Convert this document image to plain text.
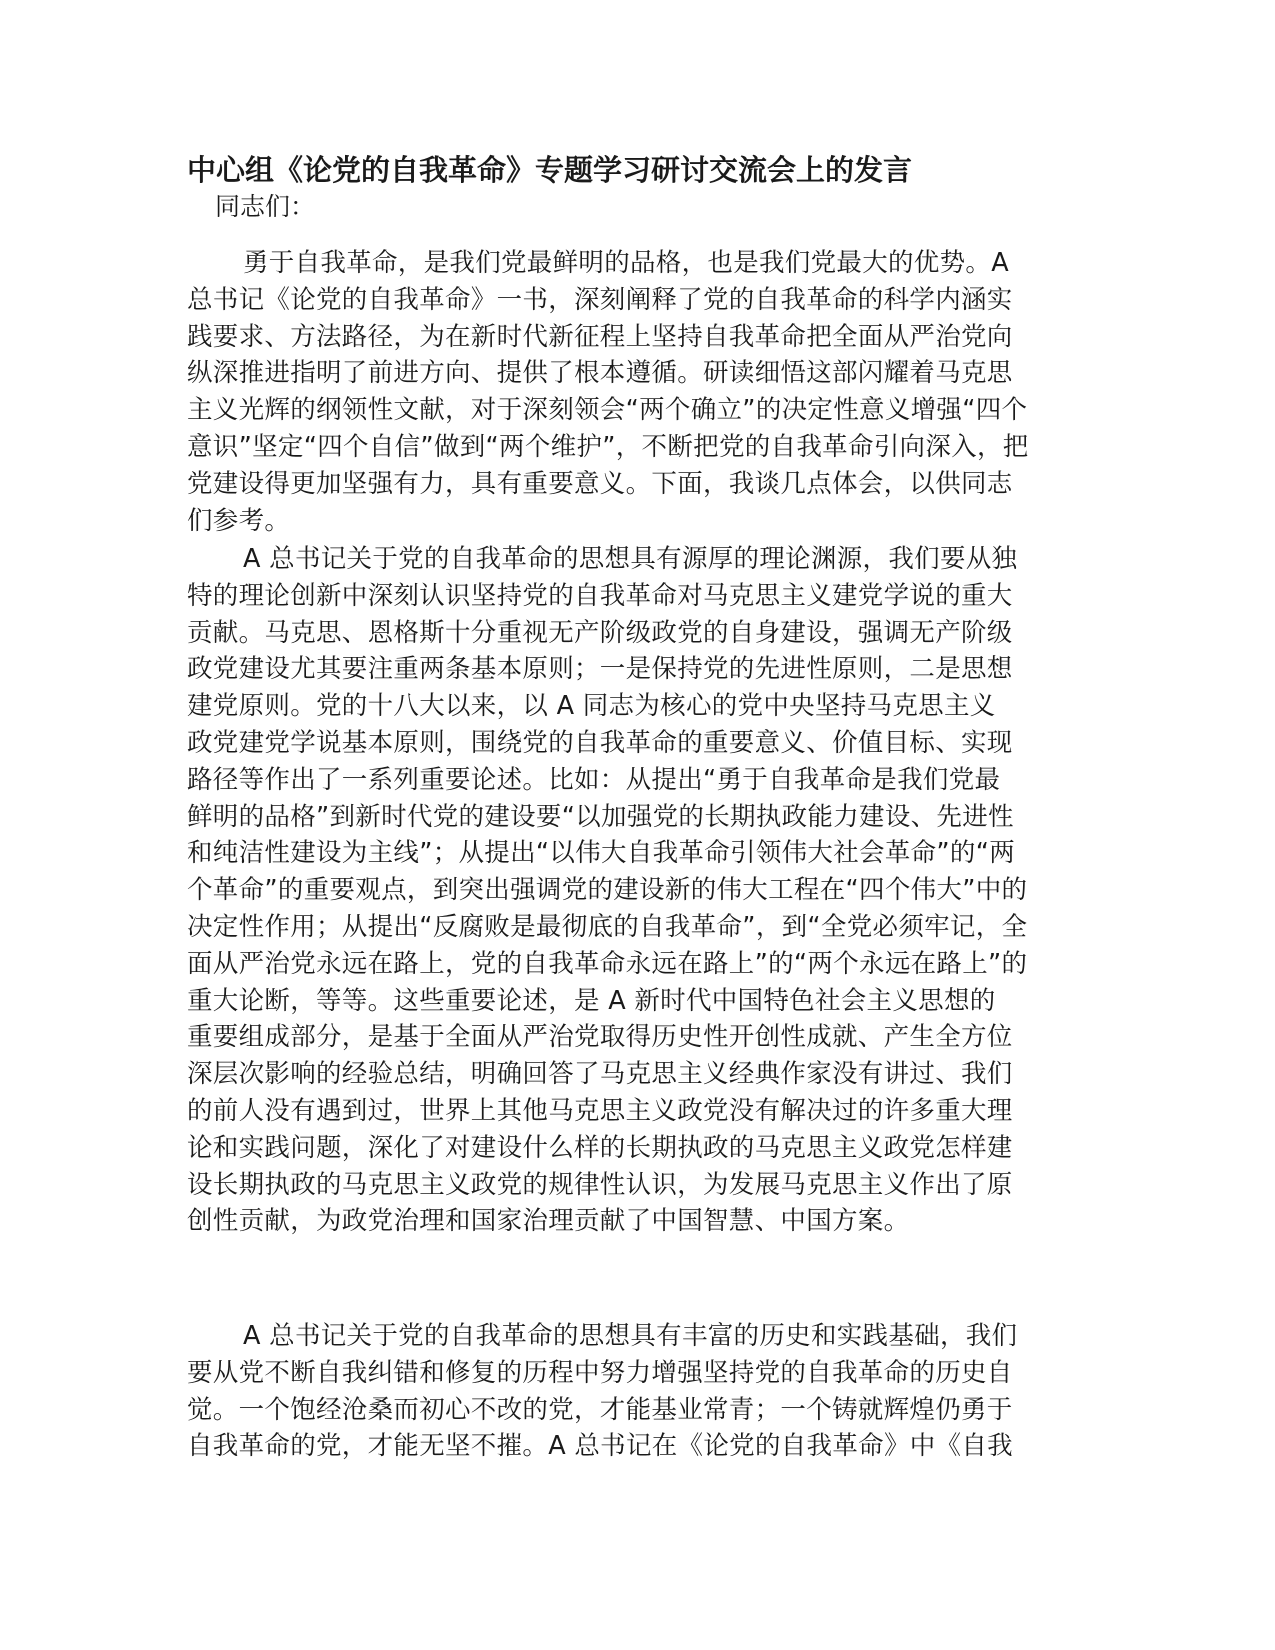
中心组《论党的自我革命》专题学习研讨交流会上的发言
同志们：
勇于自我革命，是我们党最鲜明的品格，也是我们党最大的优势。A
总书记《论党的自我革命》一书，深刻阐释了党的自我革命的科学内涵实
践要求、方法路径，为在新时代新征程上坚持自我革命把全面从严治党向
纵深推进指明了前进方向、提供了根本遵循。研读细悟这部闪耀着马克思
主义光辉的纲领性文献，对于深刻领会“两个确立”的决定性意义增强“四个
意识”坚定“四个自信”做到“两个维护”，不断把党的自我革命引向深入，把
党建设得更加坚强有力，具有重要意义。下面，我谈几点体会，以供同志
们参考。
A 总书记关于党的自我革命的思想具有源厚的理论渊源，我们要从独
特的理论创新中深刻认识坚持党的自我革命对马克思主义建党学说的重大
贡献。马克思、恩格斯十分重视无产阶级政党的自身建设，强调无产阶级
政党建设尤其要注重两条基本原则；一是保持党的先进性原则，二是思想
建党原则。党的十八大以来，以 A 同志为核心的党中央坚持马克思主义
政党建党学说基本原则，围绕党的自我革命的重要意义、价值目标、实现
路径等作出了一系列重要论述。比如：从提出“勇于自我革命是我们党最
鲜明的品格”到新时代党的建设要“以加强党的长期执政能力建设、先进性
和纯洁性建设为主线”；从提出“以伟大自我革命引领伟大社会革命”的“两
个革命”的重要观点，到突出强调党的建设新的伟大工程在“四个伟大”中的
决定性作用；从提出“反腐败是最彻底的自我革命”，到“全党必须牢记，全
面从严治党永远在路上，党的自我革命永远在路上”的“两个永远在路上”的
重大论断，等等。这些重要论述，是 A 新时代中国特色社会主义思想的
重要组成部分，是基于全面从严治党取得历史性开创性成就、产生全方位
深层次影响的经验总结，明确回答了马克思主义经典作家没有讲过、我们
的前人没有遇到过，世界上其他马克思主义政党没有解决过的许多重大理
论和实践问题，深化了对建设什么样的长期执政的马克思主义政党怎样建
设长期执政的马克思主义政党的规律性认识，为发展马克思主义作出了原
创性贡献，为政党治理和国家治理贡献了中国智慧、中国方案。
A 总书记关于党的自我革命的思想具有丰富的历史和实践基础，我们
要从党不断自我纠错和修复的历程中努力增强坚持党的自我革命的历史自
觉。一个饱经沧桑而初心不改的党，才能基业常青；一个铸就辉煌仍勇于
自我革命的党，才能无坚不摧。A 总书记在《论党的自我革命》中《自我
